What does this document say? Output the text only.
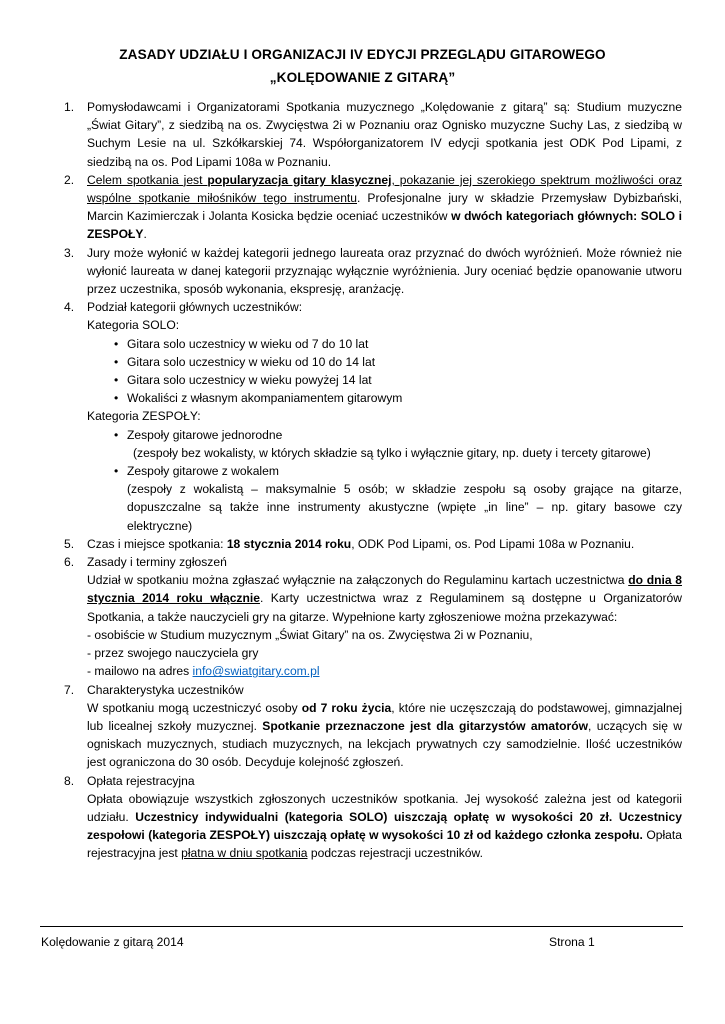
ZASADY UDZIAŁU I ORGANIZACJI IV EDYCJI PRZEGLĄDU GITAROWEGO
„KOLĘDOWANIE Z GITARĄ”
1. Pomysłodawcami i Organizatorami Spotkania muzycznego „Kolędowanie z gitarą” są: Studium muzyczne „Świat Gitary”, z siedzibą na os. Zwycięstwa 2i w Poznaniu oraz Ognisko muzyczne Suchy Las, z siedzibą w Suchym Lesie na ul. Szkółkarskiej 74. Współorganizatorem IV edycji spotkania jest ODK Pod Lipami, z siedzibą na os. Pod Lipami 108a w Poznaniu.
2. Celem spotkania jest popularyzacja gitary klasycznej, pokazanie jej szerokiego spektrum możliwości oraz wspólne spotkanie miłośników tego instrumentu. Profesjonalne jury w składzie Przemysław Dybizbański, Marcin Kazimierczak i Jolanta Kosicka będzie oceniać uczestników w dwóch kategoriach głównych: SOLO i ZESPOŁY.
3. Jury może wyłonić w każdej kategorii jednego laureata oraz przyznać do dwóch wyróżnień. Może również nie wyłonić laureata w danej kategorii przyznając wyłącznie wyróżnienia. Jury oceniać będzie opanowanie utworu przez uczestnika, sposób wykonania, ekspresję, aranżację.
4. Podział kategorii głównych uczestników:
Kategoria SOLO:
• Gitara solo uczestnicy w wieku od 7 do 10 lat
• Gitara solo uczestnicy w wieku od 10 do 14 lat
• Gitara solo uczestnicy w wieku powyżej 14 lat
• Wokaliści z własnym akompaniamentem gitarowym
Kategoria ZESPOŁY:
• Zespoły gitarowe jednorodne
(zespoły bez wokalisty, w których składzie są tylko i wyłącznie gitary, np. duety i tercety gitarowe)
• Zespoły gitarowe z wokalem
(zespoły z wokalistą – maksymalnie 5 osób; w składzie zespołu są osoby grające na gitarze, dopuszczalne są także inne instrumenty akustyczne (wpięte „in line” – np. gitary basowe czy elektryczne)
5. Czas i miejsce spotkania: 18 stycznia 2014 roku, ODK Pod Lipami, os. Pod Lipami 108a w Poznaniu.
6. Zasady i terminy zgłoszeń
Udział w spotkaniu można zgłaszać wyłącznie na załączonych do Regulaminu kartach uczestnictwa do dnia 8 stycznia 2014 roku włącznie. Karty uczestnictwa wraz z Regulaminem są dostępne u Organizatorów Spotkania, a także nauczycieli gry na gitarze. Wypełnione karty zgłoszeniowe można przekazywać:
- osobiście w Studium muzycznym „Świat Gitary” na os. Zwycięstwa 2i w Poznaniu,
- przez swojego nauczyciela gry
- mailowo na adres info@swiatgitary.com.pl
7. Charakterystyka uczestników
W spotkaniu mogą uczestniczyć osoby od 7 roku życia, które nie uczęszczają do podstawowej, gimnazjalnej lub licealnej szkoły muzycznej. Spotkanie przeznaczone jest dla gitarzystów amatorów, uczących się w ogniskach muzycznych, studiach muzycznych, na lekcjach prywatnych czy samodzielnie. Ilość uczestników jest ograniczona do 30 osób. Decyduje kolejność zgłoszeń.
8. Opłata rejestracyjna
Opłata obowiązuje wszystkich zgłoszonych uczestników spotkania. Jej wysokość zależna jest od kategorii udziału. Uczestnicy indywidualni (kategoria SOLO) uiszczają opłatę w wysokości 20 zł. Uczestnicy zespołowi (kategoria ZESPOŁY) uiszczają opłatę w wysokości 10 zł od każdego członka zespołu. Opłata rejestracyjna jest płatna w dniu spotkania podczas rejestracji uczestników.
Kolędowanie z gitarą 2014	Strona 1
